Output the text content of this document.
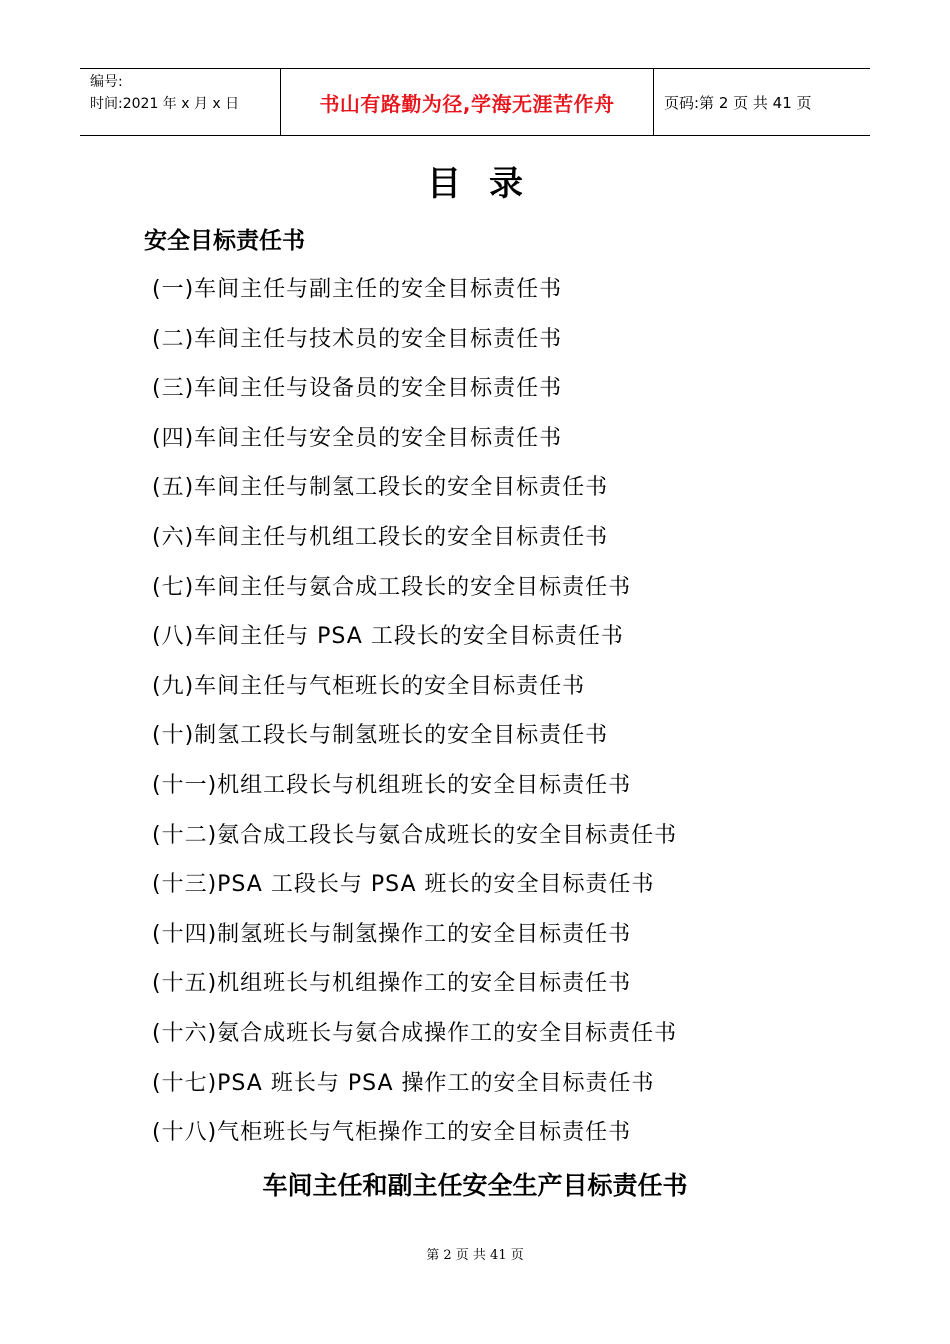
编号:
时间:2021 年 x 月 x 日	书山有路勤为径,学海无涯苦作舟	页码:第 2 页 共 41 页
目录
安全目标责任书
(一)车间主任与副主任的安全目标责任书
(二)车间主任与技术员的安全目标责任书
(三)车间主任与设备员的安全目标责任书
(四)车间主任与安全员的安全目标责任书
(五)车间主任与制氢工段长的安全目标责任书
(六)车间主任与机组工段长的安全目标责任书
(七)车间主任与氨合成工段长的安全目标责任书
(八)车间主任与 PSA 工段长的安全目标责任书
(九)车间主任与气柜班长的安全目标责任书
(十)制氢工段长与制氢班长的安全目标责任书
(十一)机组工段长与机组班长的安全目标责任书
(十二)氨合成工段长与氨合成班长的安全目标责任书
(十三)PSA 工段长与 PSA 班长的安全目标责任书
(十四)制氢班长与制氢操作工的安全目标责任书
(十五)机组班长与机组操作工的安全目标责任书
(十六)氨合成班长与氨合成操作工的安全目标责任书
(十七)PSA 班长与 PSA 操作工的安全目标责任书
(十八)气柜班长与气柜操作工的安全目标责任书
车间主任和副主任安全生产目标责任书
第 2 页 共 41 页
